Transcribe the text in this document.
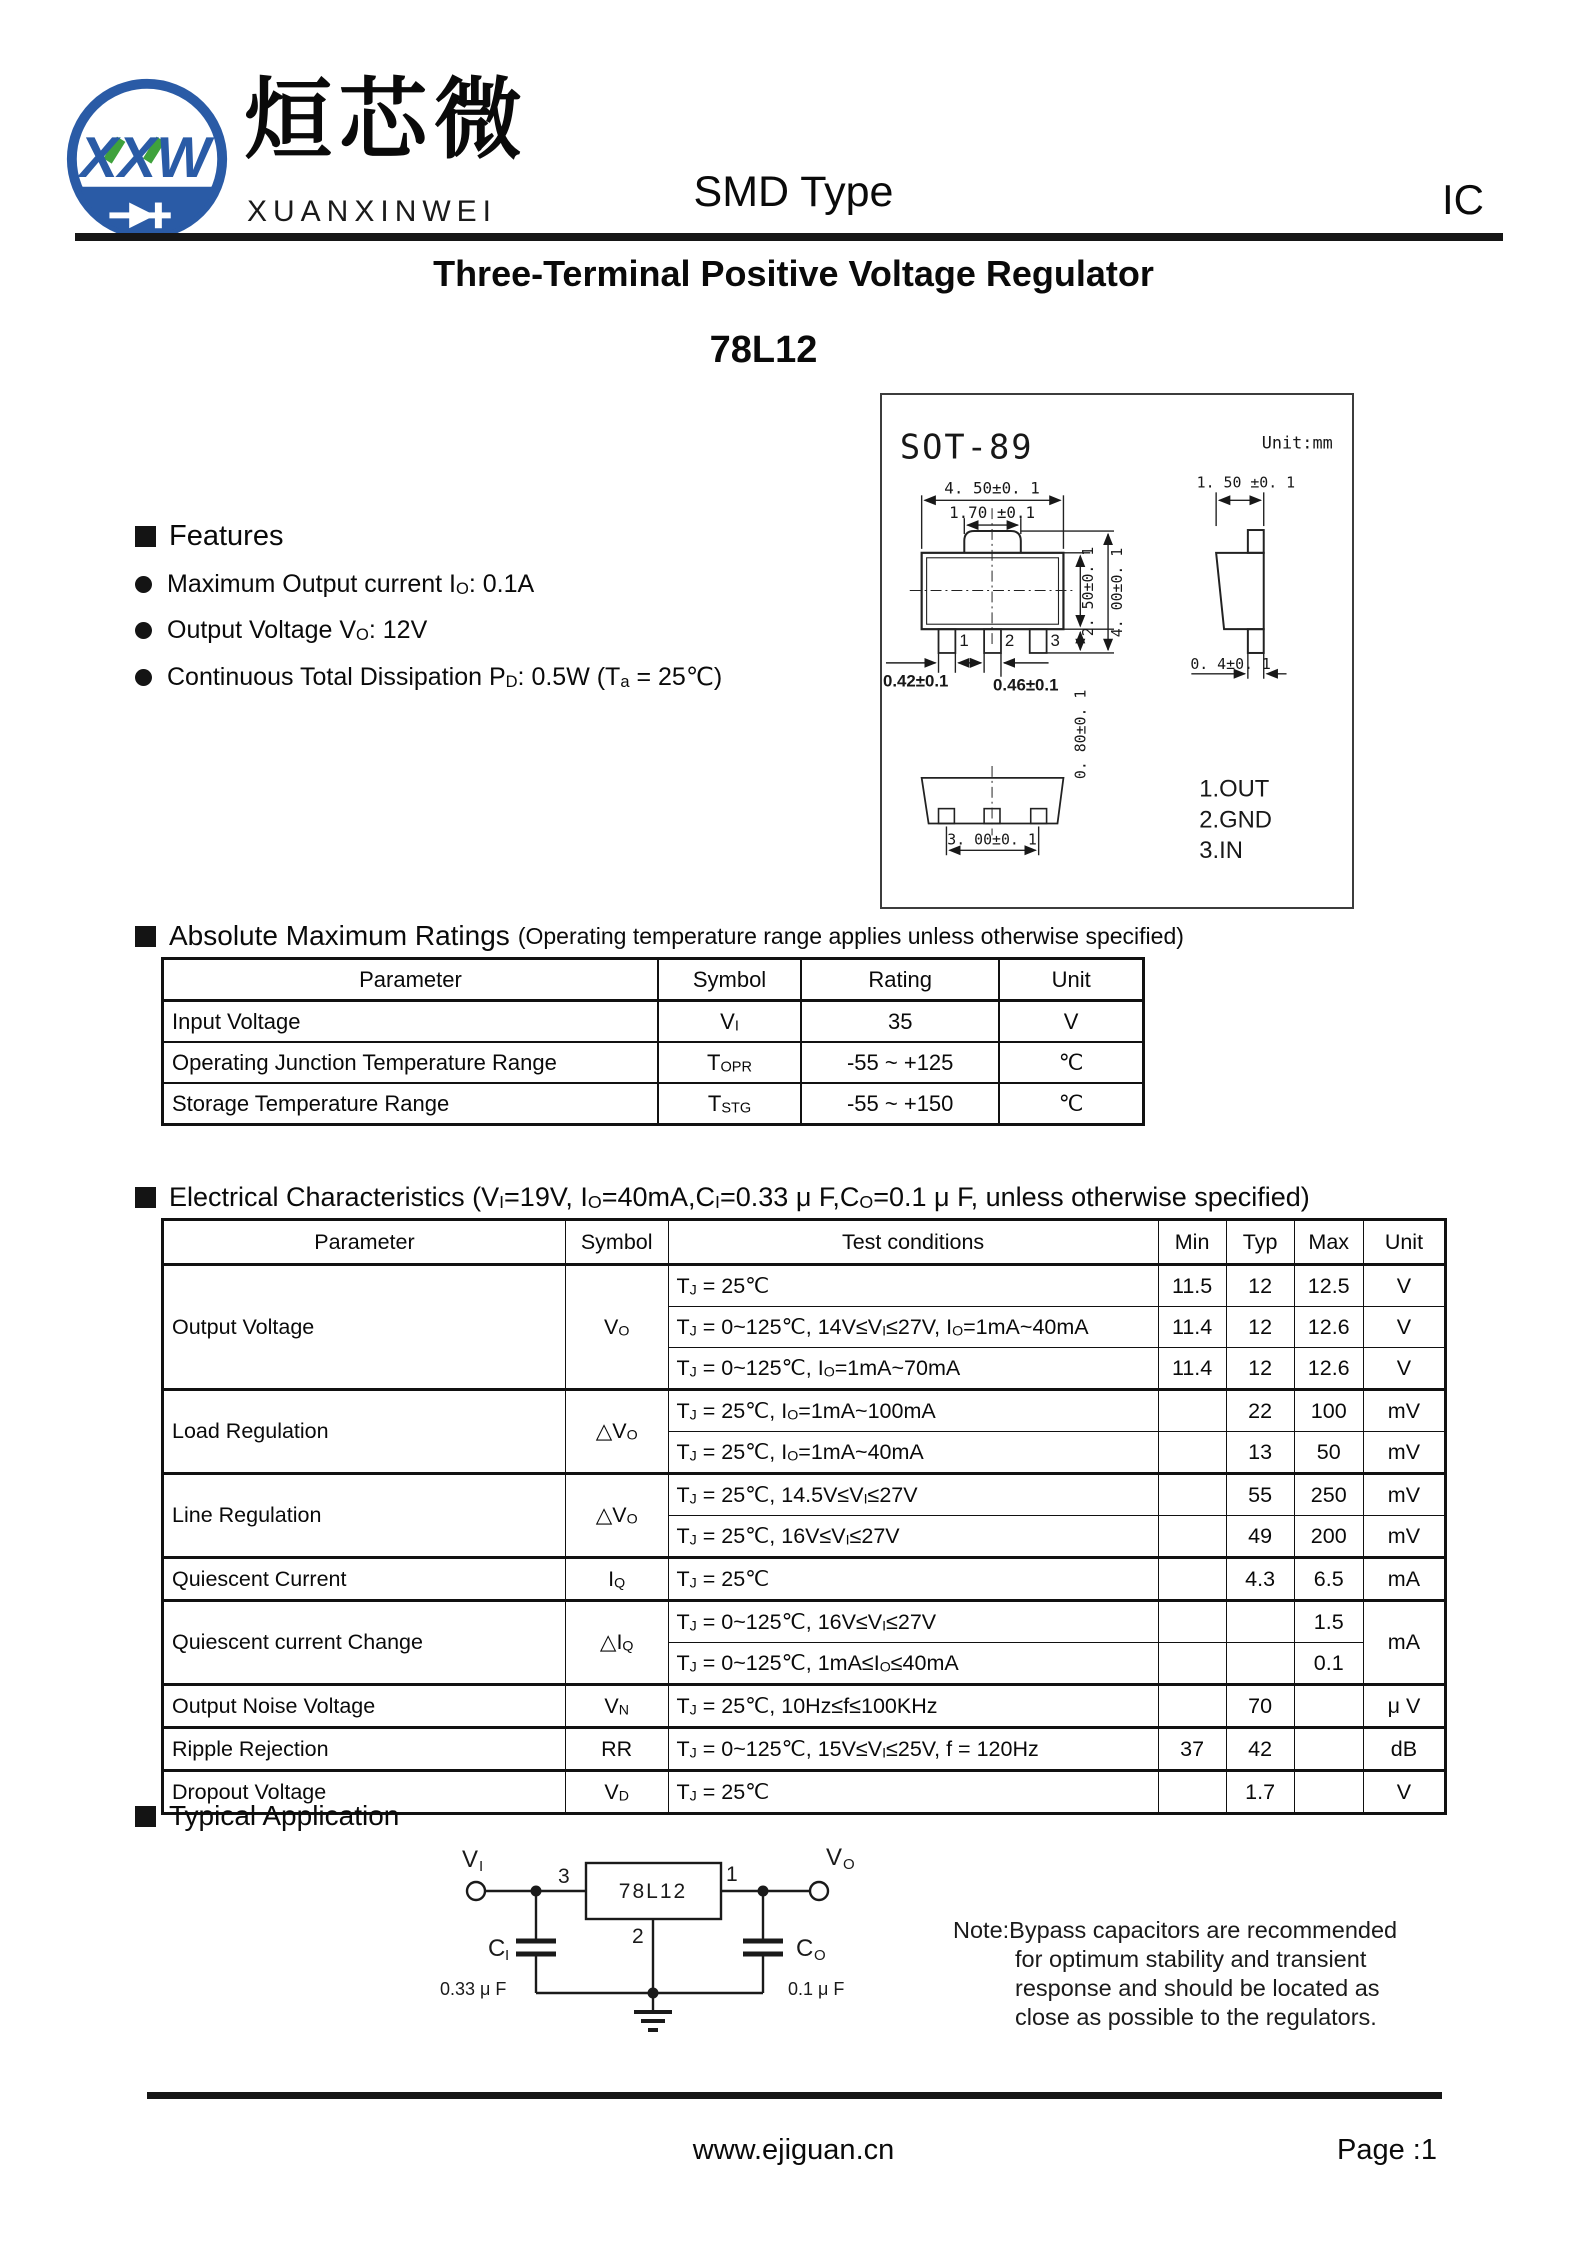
XXW 烜芯微
XUANXINWEI	SMD Type	IC
Three-Terminal Positive Voltage Regulator
78L12
SOT-89	Unit:mm
4. 50±0. 1
1.70 ±0.1
2. 50±0. 1 4. 00±0. 1
0. 80±0. 1
0.42±0.1	0.46±0.1
1 2 3
1. 50 ±0. 1
0. 4±0. 1
3. 00±0. 1
1.OUT
2.GND
3.IN
Features
Maximum Output current $I_O$: 0.1A
Output Voltage $V_O$: 12V
Continuous Total Dissipation $P_D$: 0.5W ($T_a$ = 25℃)
Absolute Maximum Ratings (Operating temperature range applies unless otherwise specified)
Parameter	Symbol	Rating	Unit
Input Voltage	$V_I$	35	V
Operating Junction Temperature Range	$T_{OPR}$	-55 ~ +125	℃
Storage Temperature Range	$T_{STG}$	-55 ~ +150	℃
Electrical Characteristics ($V_I=19V$, $I_O=40mA,C_I=0.33$ μ $F,C_O=0.1$ μ F, unless otherwise specified)
Parameter	Symbol	Test conditions	Min	Typ	Max	Unit
Output Voltage	$V_O$	$T_J$ = 25℃	11.5	12	12.5	V
		$T_J$ = 0~125℃, $14V\le V_I\le 27V$, $I_O=1mA\sim 40mA$	11.4	12	12.6	V
		$T_J$ = 0~125℃, $I_O=1mA\sim 70mA$	11.4	12	12.6	V
Load Regulation	$\triangle V_O$	$T_J$ = 25℃, $I_O=1mA\sim 100mA$		22	100	mV
		$T_J$ = 25℃, $I_O=1mA\sim 40mA$		13	50	mV
Line Regulation	$\triangle V_O$	$T_J$ = 25℃, $14.5V\le V_I\le 27V$		55	250	mV
		$T_J$ = 25℃, $16V\le V_I\le 27V$		49	200	mV
Quiescent Current	$I_Q$	$T_J$ = 25℃		4.3	6.5	mA
Quiescent current Change	$\triangle I_Q$	$T_J$ = 0~125℃, $16V\le V_I\le 27V$			1.5	mA
		$T_J$ = 0~125℃, $1mA\le I_O\le 40mA$			0.1	
Output Noise Voltage	$V_N$	$T_J$ = 25℃, 10Hz≤f≤100KHz		70		μ V
Ripple Rejection	RR	$T_J$ = 0~125℃, $15V\le V_I\le 25V$, f = 120Hz	37	42		dB
Dropout Voltage	$V_D$	$T_J$ = 25℃		1.7		V
Typical Application
V I	V O
3	1
2
78L12
C I	C O
0.33 μ F	0.1 μ F
Note:Bypass capacitors are recommended
for optimum stability and transient
response and should be located as
close as possible to the regulators.
www.ejiguan.cn	Page :1
